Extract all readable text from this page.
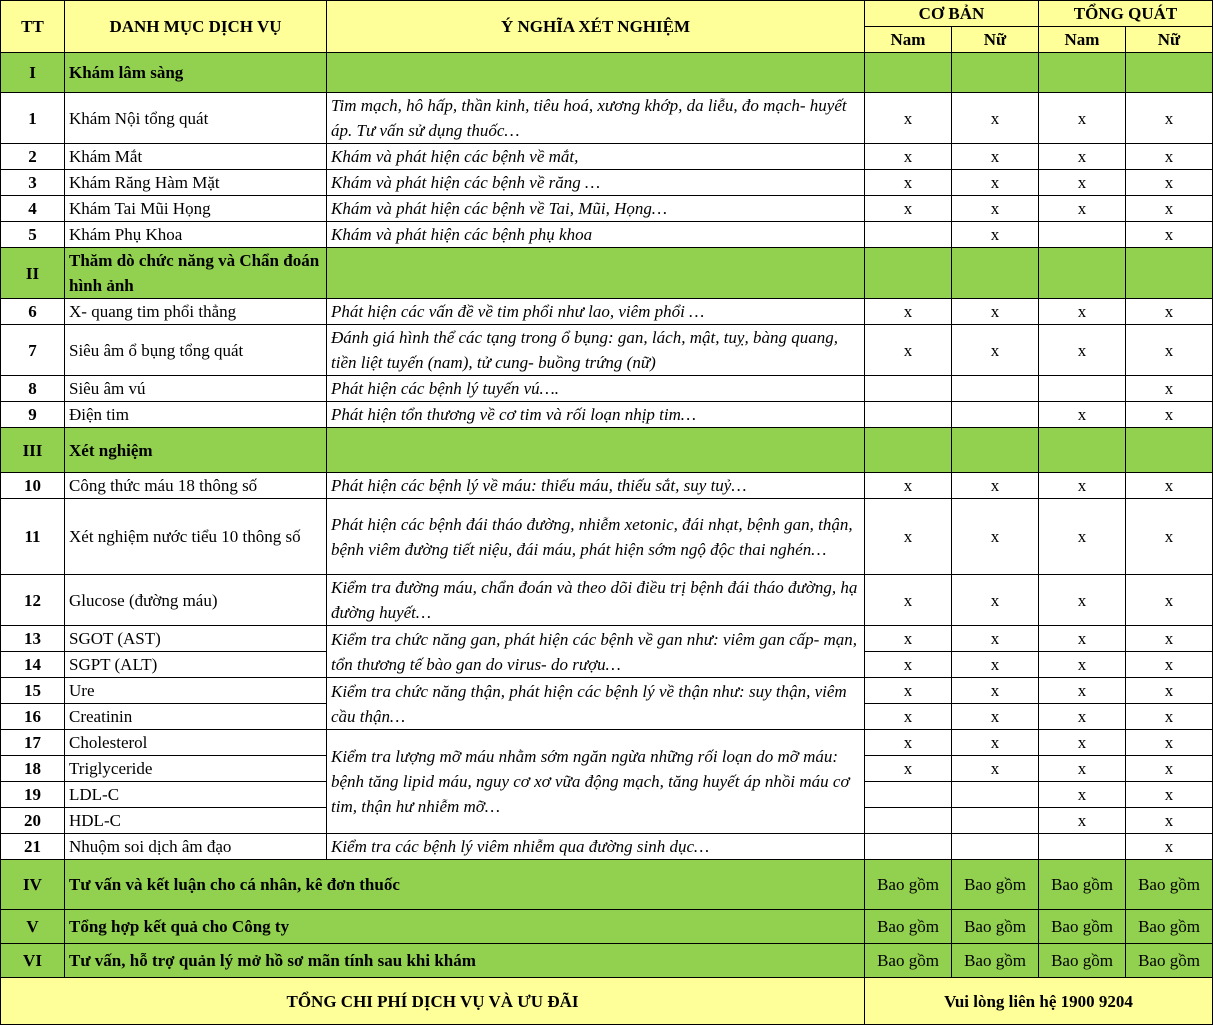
TT	DANH MỤC DỊCH VỤ	Ý NGHĨA XÉT NGHIỆM	CƠ BẢN		TỔNG QUÁT	
			Nam	Nữ	Nam	Nữ
I	Khám lâm sàng					
1	Khám Nội tổng quát	Tim mạch, hô hấp, thần kinh, tiêu hoá, xương khớp, da liễu, đo mạch- huyết áp. Tư vấn sử dụng thuốc…	x	x	x	x
2	Khám Mắt	Khám và phát hiện các bệnh về mắt,	x	x	x	x
3	Khám Răng Hàm Mặt	Khám và phát hiện các bệnh về răng …	x	x	x	x
4	Khám Tai Mũi Họng	Khám và phát hiện các bệnh về Tai, Mũi, Họng…	x	x	x	x
5	Khám Phụ Khoa	Khám và phát hiện các bệnh phụ khoa		x		x
II	Thăm dò chức năng và Chẩn đoán hình ảnh					
6	X- quang tim phổi thẳng	Phát hiện các vấn đề về tim phổi như lao, viêm phổi …	x	x	x	x
7	Siêu âm ổ bụng tổng quát	Đánh giá hình thể các tạng trong ổ bụng: gan, lách, mật, tuỵ, bàng quang, tiền liệt tuyến (nam), tử cung- buồng trứng (nữ)	x	x	x	x
8	Siêu âm vú	Phát hiện các bệnh lý tuyến vú….				x
9	Điện tim	Phát hiện tổn thương về cơ tim và rối loạn nhịp tim…			x	x
III	Xét nghiệm					
10	Công thức máu 18 thông số	Phát hiện các bệnh lý về máu: thiếu máu, thiếu sắt, suy tuỷ…	x	x	x	x
11	Xét nghiệm nước tiểu 10 thông số	Phát hiện các bệnh đái tháo đường, nhiễm xetonic, đái nhạt, bệnh gan, thận, bệnh viêm đường tiết niệu, đái máu, phát hiện sớm ngộ độc thai nghén…	x	x	x	x
12	Glucose (đường máu)	Kiểm tra đường máu, chẩn đoán và theo dõi điều trị bệnh đái tháo đường, hạ đường huyết…	x	x	x	x
13	SGOT (AST)	Kiểm tra chức năng gan, phát hiện các bệnh về gan như: viêm gan cấp- mạn, tổn thương tế bào gan do virus- do rượu…	x	x	x	x
14	SGPT (ALT)		x	x	x	x
15	Ure	Kiểm tra chức năng thận, phát hiện các bệnh lý về thận như: suy thận, viêm cầu thận…	x	x	x	x
16	Creatinin		x	x	x	x
17	Cholesterol	Kiểm tra lượng mỡ máu nhằm sớm ngăn ngừa những rối loạn do mỡ máu: bệnh tăng lipid máu, nguy cơ xơ vữa động mạch, tăng huyết áp nhồi máu cơ tim, thận hư nhiễm mỡ…	x	x	x	x
18	Triglyceride		x	x	x	x
19	LDL-C				x	x
20	HDL-C				x	x
21	Nhuộm soi dịch âm đạo	Kiểm tra các bệnh lý viêm nhiễm qua đường sinh dục…				x
IV	Tư vấn và kết luận cho cá nhân, kê đơn thuốc		Bao gồm	Bao gồm	Bao gồm	Bao gồm
V	Tổng hợp kết quả cho Công ty		Bao gồm	Bao gồm	Bao gồm	Bao gồm
VI	Tư vấn, hỗ trợ quản lý mở hồ sơ mãn tính sau khi khám		Bao gồm	Bao gồm	Bao gồm	Bao gồm
TỔNG CHI PHÍ DỊCH VỤ VÀ ƯU ĐÃI			Vui lòng liên hệ 1900 9204			
